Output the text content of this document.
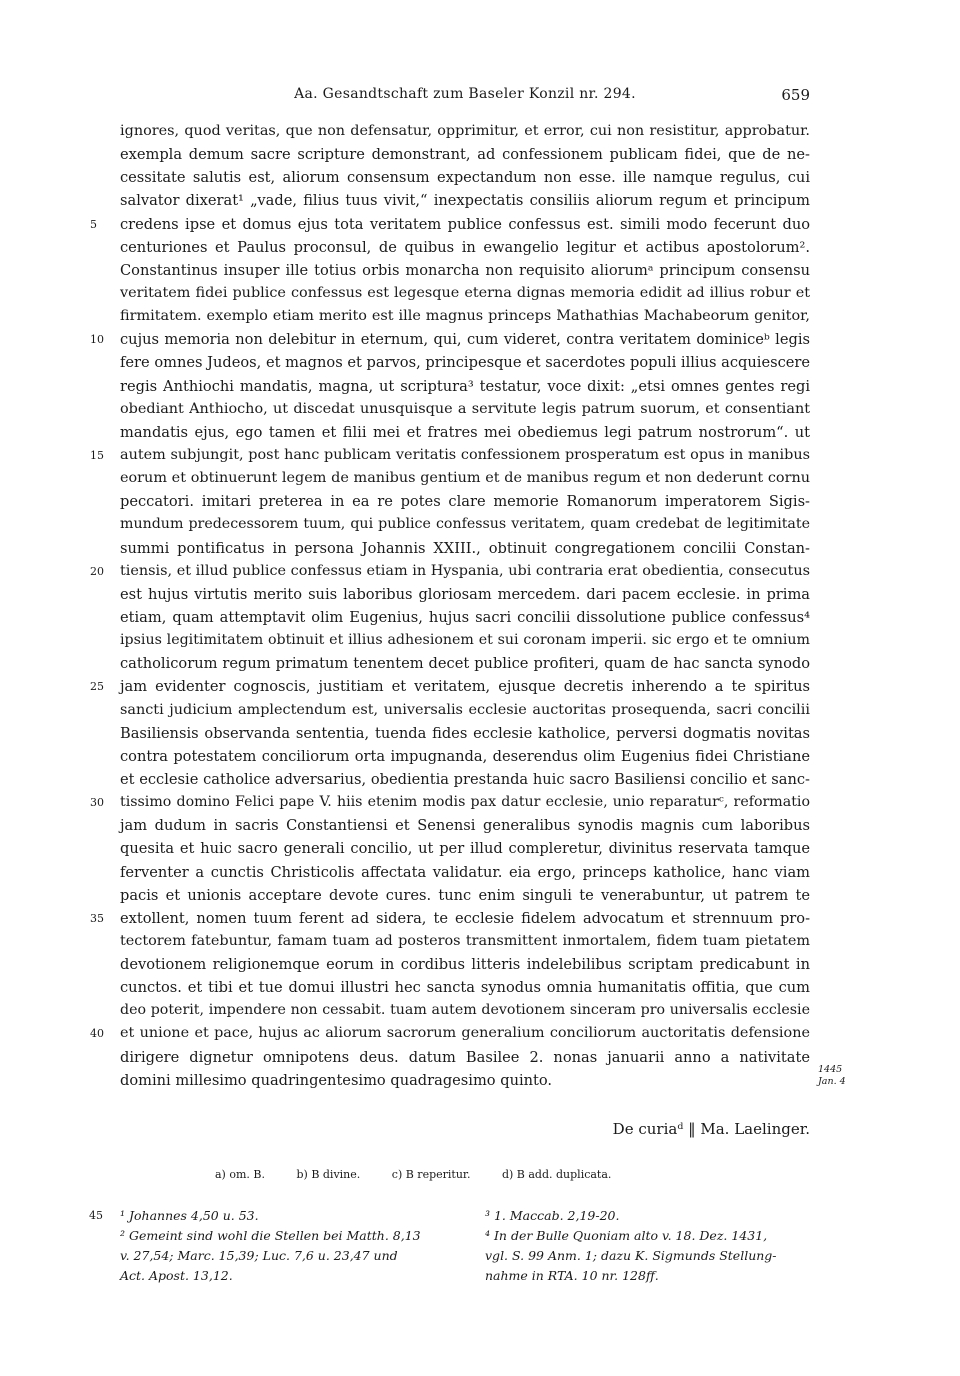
Aa. Gesandtschaft zum Baseler Konzil nr. 294.	659
ignores, quod veritas, que non defensatur, opprimitur, et error, cui non resistitur, approbatur.
exempla demum sacre scripture demonstrant, ad confessionem publicam fidei, que de ne-
cessitate salutis est, aliorum consensum expectandum non esse. ille namque regulus, cui
salvator dixerat¹ „vade, filius tuus vivit,“ inexpectatis consiliis aliorum regum et principum
5	credens ipse et domus ejus tota veritatem publice confessus est. simili modo fecerunt duo
centuriones et Paulus proconsul, de quibus in ewangelio legitur et actibus apostolorum².
Constantinus insuper ille totius orbis monarcha non requisito aliorumᵃ principum consensu
veritatem fidei publice confessus est legesque eterna dignas memoria edidit ad illius robur et
firmitatem. exemplo etiam merito est ille magnus princeps Mathathias Machabeorum genitor,
10	cujus memoria non delebitur in eternum, qui, cum videret, contra veritatem dominiceᵇ legis
fere omnes Judeos, et magnos et parvos, principesque et sacerdotes populi illius acquiescere
regis Anthiochi mandatis, magna, ut scriptura³ testatur, voce dixit: „etsi omnes gentes regi
obediant Anthiocho, ut discedat unusquisque a servitute legis patrum suorum, et consentiant
mandatis ejus, ego tamen et filii mei et fratres mei obediemus legi patrum nostrorum“. ut
15	autem subjungit, post hanc publicam veritatis confessionem prosperatum est opus in manibus
eorum et obtinuerunt legem de manibus gentium et de manibus regum et non dederunt cornu
peccatori. imitari preterea in ea re potes clare memorie Romanorum imperatorem Sigis-
mundum predecessorem tuum, qui publice confessus veritatem, quam credebat de legitimitate
summi pontificatus in persona Johannis XXIII., obtinuit congregationem concilii Constan-
20	tiensis, et illud publice confessus etiam in Hyspania, ubi contraria erat obedientia, consecutus
est hujus virtutis merito suis laboribus gloriosam mercedem. dari pacem ecclesie. in prima
etiam, quam attemptavit olim Eugenius, hujus sacri concilii dissolutione publice confessus⁴
ipsius legitimitatem obtinuit et illius adhesionem et sui coronam imperii. sic ergo et te omnium
catholicorum regum primatum tenentem decet publice profiteri, quam de hac sancta synodo
25	jam evidenter cognoscis, justitiam et veritatem, ejusque decretis inherendo a te spiritus
sancti judicium amplectendum est, universalis ecclesie auctoritas prosequenda, sacri concilii
Basiliensis observanda sententia, tuenda fides ecclesie katholice, perversi dogmatis novitas
contra potestatem conciliorum orta impugnanda, deserendus olim Eugenius fidei Christiane
et ecclesie catholice adversarius, obedientia prestanda huic sacro Basiliensi concilio et sanc-
30	tissimo domino Felici pape V. hiis etenim modis pax datur ecclesie, unio reparaturᶜ, reformatio
jam dudum in sacris Constantiensi et Senensi generalibus synodis magnis cum laboribus
quesita et huic sacro generali concilio, ut per illud compleretur, divinitus reservata tamque
ferventer a cunctis Christicolis affectata validatur. eia ergo, princeps katholice, hanc viam
pacis et unionis acceptare devote cures. tunc enim singuli te venerabuntur, ut patrem te
35	extollent, nomen tuum ferent ad sidera, te ecclesie fidelem advocatum et strennuum pro-
tectorem fatebuntur, famam tuam ad posteros transmittent inmortalem, fidem tuam pietatem
devotionem religionemque eorum in cordibus litteris indelebilibus scriptam predicabunt in
cunctos. et tibi et tue domui illustri hec sancta synodus omnia humanitatis offitia, que cum
deo poterit, impendere non cessabit. tuam autem devotionem sinceram pro universalis ecclesie
40	et unione et pace, hujus ac aliorum sacrorum generalium conciliorum auctoritatis defensione
dirigere dignetur omnipotens deus. datum Basilee 2. nonas januarii anno a nativitate
domini millesimo quadringentesimo quadragesimo quinto.
1445
Jan. 4
De curiaᵈ ‖ Ma. Laelinger.
a) om. B.	b) B divine.	c) B reperitur.	d) B add. duplicata.
45 ¹ Johannes 4,50 u. 53.
² Gemeint sind wohl die Stellen bei Matth. 8,13
v. 27,54; Marc. 15,39; Luc. 7,6 u. 23,47 und
Act. Apost. 13,12.
³ 1. Maccab. 2,19-20.
⁴ In der Bulle Quoniam alto v. 18. Dez. 1431,
vgl. S. 99 Anm. 1; dazu K. Sigmunds Stellung-
nahme in RTA. 10 nr. 128ff.
